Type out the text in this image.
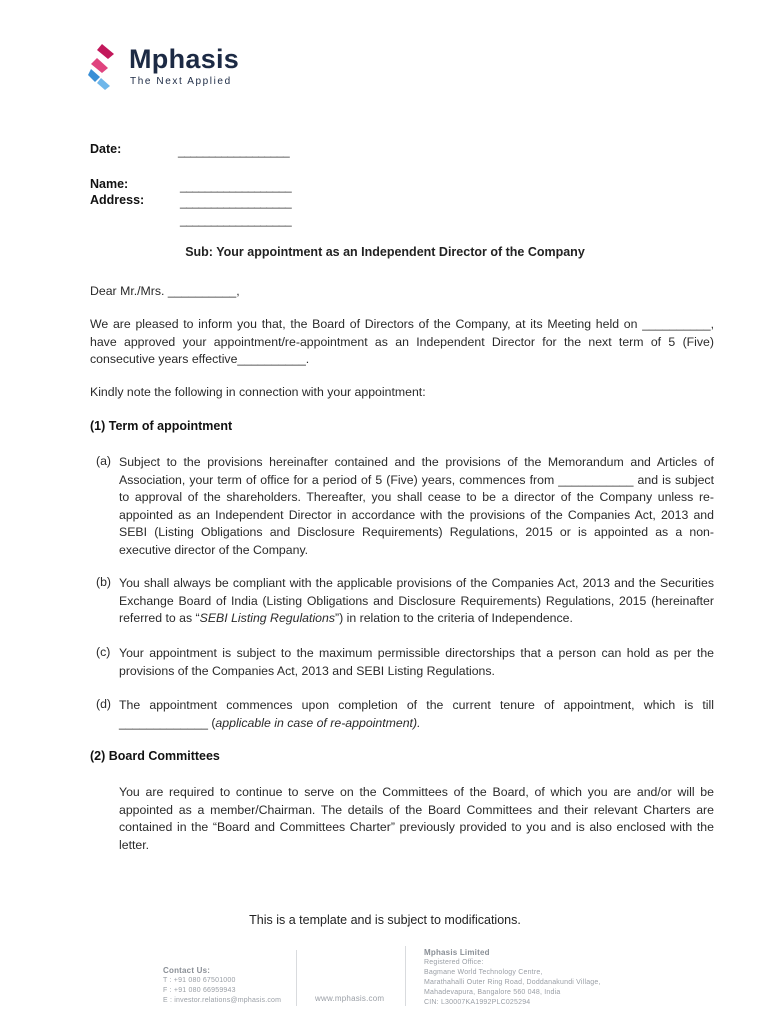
Mphasis
The Next Applied
Date:	__________________
Name:	__________________
Address:	__________________
__________________
Sub: Your appointment as an Independent Director of the Company
Dear Mr./Mrs. __________,
We are pleased to inform you that, the Board of Directors of the Company, at its Meeting held on __________, have approved your appointment/re-appointment as an Independent Director for the next term of 5 (Five) consecutive years effective__________.
Kindly note the following in connection with your appointment:
(1) Term of appointment
(a) Subject to the provisions hereinafter contained and the provisions of the Memorandum and Articles of Association, your term of office for a period of 5 (Five) years, commences from ___________ and is subject to approval of the shareholders. Thereafter, you shall cease to be a director of the Company unless re-appointed as an Independent Director in accordance with the provisions of the Companies Act, 2013 and SEBI (Listing Obligations and Disclosure Requirements) Regulations, 2015 or is appointed as a non-executive director of the Company.
(b) You shall always be compliant with the applicable provisions of the Companies Act, 2013 and the Securities Exchange Board of India (Listing Obligations and Disclosure Requirements) Regulations, 2015 (hereinafter referred to as “SEBI Listing Regulations”) in relation to the criteria of Independence.
(c) Your appointment is subject to the maximum permissible directorships that a person can hold as per the provisions of the Companies Act, 2013 and SEBI Listing Regulations.
(d) The appointment commences upon completion of the current tenure of appointment, which is till _____________ (applicable in case of re-appointment).
(2) Board Committees
You are required to continue to serve on the Committees of the Board, of which you are and/or will be appointed as a member/Chairman. The details of the Board Committees and their relevant Charters are contained in the “Board and Committees Charter” previously provided to you and is also enclosed with the letter.
This is a template and is subject to modifications.
Contact Us:
T : +91 080 67501000
F : +91 080 66959943
E : investor.relations@mphasis.com	www.mphasis.com
Mphasis Limited
Registered Office:
Bagmane World Technology Centre,
Marathahalli Outer Ring Road, Doddanakundi Village,
Mahadevapura, Bangalore 560 048, India
CIN: L30007KA1992PLC025294
